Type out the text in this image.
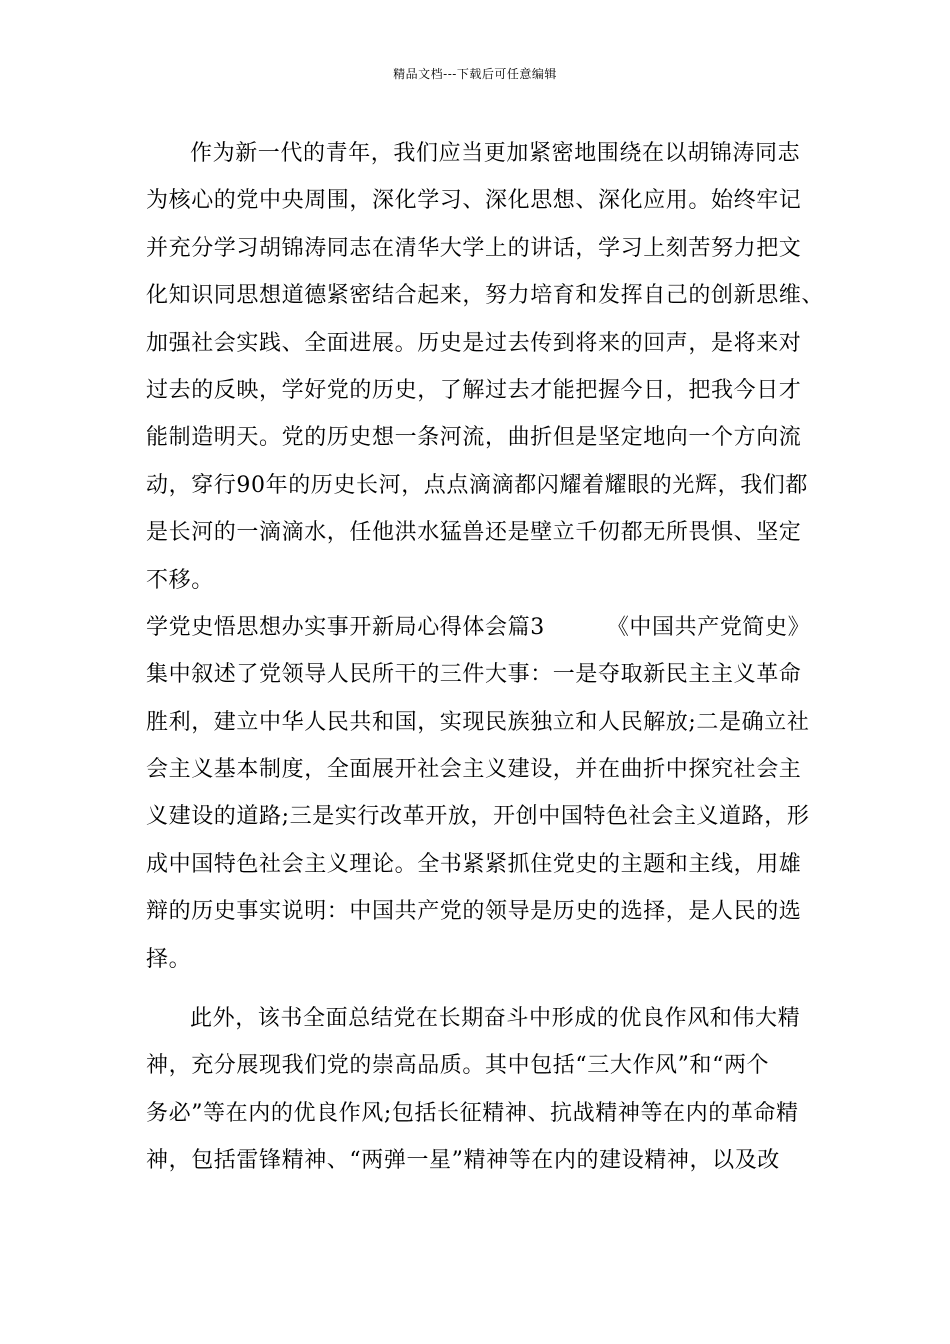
精品文档---下载后可任意编辑
作为新一代的青年，我们应当更加紧密地围绕在以胡锦涛同志
为核心的党中央周围，深化学习、深化思想、深化应用。始终牢记
并充分学习胡锦涛同志在清华大学上的讲话，学习上刻苦努力把文
化知识同思想道德紧密结合起来，努力培育和发挥自己的创新思维、
加强社会实践、全面进展。历史是过去传到将来的回声，是将来对
过去的反映，学好党的历史，了解过去才能把握今日，把我今日才
能制造明天。党的历史想一条河流，曲折但是坚定地向一个方向流
动，穿行90年的历史长河，点点滴滴都闪耀着耀眼的光辉，我们都
是长河的一滴滴水，任他洪水猛兽还是壁立千仞都无所畏惧、坚定
不移。
学党史悟思想办实事开新局心得体会篇3	《中国共产党简史》
集中叙述了党领导人民所干的三件大事：一是夺取新民主主义革命
胜利，建立中华人民共和国，实现民族独立和人民解放;二是确立社
会主义基本制度，全面展开社会主义建设，并在曲折中探究社会主
义建设的道路;三是实行改革开放，开创中国特色社会主义道路，形
成中国特色社会主义理论。全书紧紧抓住党史的主题和主线，用雄
辩的历史事实说明：中国共产党的领导是历史的选择，是人民的选
择。
此外，该书全面总结党在长期奋斗中形成的优良作风和伟大精
神，充分展现我们党的崇高品质。其中包括“三大作风”和“两个
务必”等在内的优良作风;包括长征精神、抗战精神等在内的革命精
神，包括雷锋精神、“两弹一星”精神等在内的建设精神，以及改
